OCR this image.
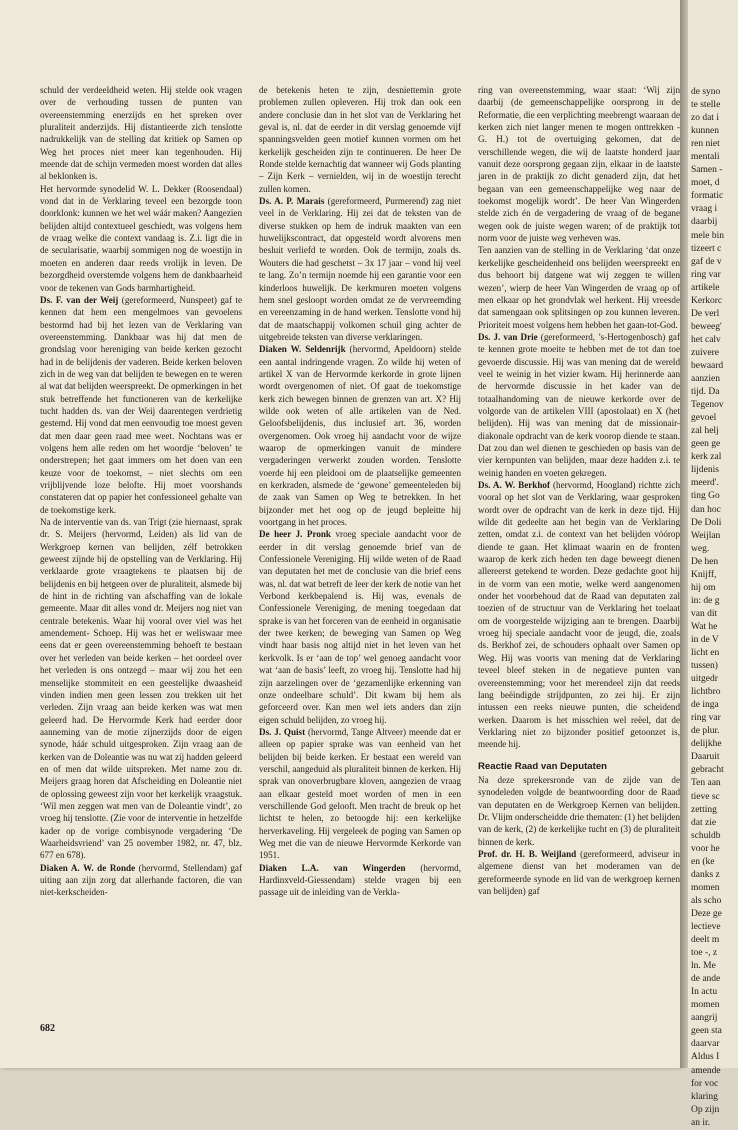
schuld der verdeeldheid weten. Hij stelde ook vragen over de verhouding tussen de punten van overeenstemming enerzijds en het spreken over pluraliteit anderzijds. Hij distantieerde zich tenslotte nadrukkelijk van de stelling dat kritiek op Samen op Weg het proces niet meer kan tegenhouden. Hij meende dat de schijn vermeden moest worden dat alles al beklonken is.

Het hervormde synodelid W. L. Dekker (Roosendaal) vond dat in de Verklaring teveel een bezorgde toon doorklonk: kunnen we het wel wáár maken? Aangezien belijden altijd contextueel geschiedt, was volgens hem de vraag welke die context vandaag is. Z.i. ligt die in de secularisatie, waarbij sommigen nog de woestijn in moeten en anderen daar reeds vrolijk in leven. De bezorgdheid overstemde volgens hem de dankbaarheid voor de tekenen van Gods barmhartigheid.

Ds. F. van der Weij (gereformeerd, Nunspeet) gaf te kennen dat hem een mengelmoes van gevoelens bestormd had bij het lezen van de Verklaring van overeenstemming. Dankbaar was hij dat men de grondslag voor hereniging van beide kerken gezocht had in de belijdenis der vaderen. Beide kerken beloven zich in de weg van dat belijden te bewegen en te weren al wat dat belijden weerspreekt. De opmerkingen in het stuk betreffende het functioneren van de kerkelijke tucht hadden ds. van der Weij daarentegen verdrietig gestemd. Hij vond dat men eenvoudig toe moest geven dat men daar geen raad mee weet. Nochtans was er volgens hem alle reden om het woordje ‘beloven’ te onderstrepen; het gaat immers om het doen van een keuze voor de toekomst, – niet slechts om een vrijblijvende loze belofte. Hij moet voorshands constateren dat op papier het confessioneel gehalte van de toekomstige kerk.

Na de interventie van ds. van Trigt (zie hiernaast, sprak dr. S. Meijers (hervormd, Leiden) als lid van de Werkgroep kernen van belijden, zélf betrokken geweest zijnde bij de opstelling van de Verklaring. Hij verklaarde grote vraagtekens te plaatsen bij de belijdenis en bij hetgeen over de pluraliteit, alsmede bij de hint in de richting van afschaffing van de lokale gemeente. Maar dit alles vond dr. Meijers nog niet van centrale betekenis. Waar hij vooral over viel was het amendement- Schoep. Hij was het er weliswaar mee eens dat er geen overeenstemming behoeft te bestaan over het verleden van beide kerken – het oordeel over het verleden is ons ontzegd – maar wij zou het een menselijke stommiteit en een geestelijke dwaasheid vinden indien men geen lessen zou trekken uit het verleden. Zijn vraag aan beide kerken was wat men geleerd had. De Hervormde Kerk had eerder door aanneming van de motie zijnerzijds door de eigen synode, háár schuld uitgesproken. Zijn vraag aan de kerken van de Doleantie was nu wat zíj hadden geleerd en of men dat wilde uitspreken. Met name zou dr. Meijers graag horen dat Afscheiding en Doleantie niet de oplossing geweest zijn voor het kerkelijk vraagstuk. ‘Wil men zeggen wat men van de Doleantie vindt’, zo vroeg hij tenslotte. (Zie voor de interventie in hetzelfde kader op de vorige combisynode vergadering ‘De Waarheidsvriend’ van 25 november 1982, nr. 47, blz. 677 en 678).

Diaken A. W. de Ronde (hervormd, Stellendam) gaf uiting aan zijn zorg dat allerhande factoren, die van niet-kerkscheiden-

de betekenis heten te zijn, desniettemin grote problemen zullen opleveren. Hij trok dan ook een andere conclusie dan in het slot van de Verklaring het geval is, nl. dat de eerder in dit verslag genoemde vijf spanningsvelden geen motief kunnen vormen om het kerkelijk gescheiden zijn te continueren. De heer De Ronde stelde kernachtig dat wanneer wij Gods planting – Zijn Kerk – vernielden, wij in de woestijn terecht zullen komen.

Ds. A. P. Marais (gereformeerd, Purmerend) zag niet veel in de Verklaring. Hij zei dat de teksten van de diverse stukken op hem de indruk maakten van een huwelijkscontract, dat opgesteld wordt alvorens men besluit verliefd te worden. Ook de termijn, zoals ds. Wouters die had geschetst – 3x 17 jaar – vond hij veel te lang. Zo’n termijn noemde hij een garantie voor een kinderloos huwelijk. De kerkmuren moeten volgens hem snel gesloopt worden omdat ze de vervreemding en vereenzaming in de hand werken. Tenslotte vond hij dat de maatschappij volkomen schuil ging achter de uitgebreide teksten van diverse verklaringen.

Diaken W. Seldenrijk (hervormd, Apeldoorn) stelde een aantal indringende vragen. Zo wilde hij weten of artikel X van de Hervormde kerkorde in grote lijnen wordt overgenomen of niet. Of gaat de toekomstige kerk zich bewegen binnen de grenzen van art. X? Hij wilde ook weten of alle artikelen van de Ned. Geloofsbelijdenis, dus inclusief art. 36, worden overgenomen. Ook vroeg hij aandacht voor de wijze waarop de opmerkingen vanuit de mindere vergaderingen verwerkt zouden worden. Tenslotte voerde hij een pleidooi om de plaatselijke gemeenten en kerkraden, alsmede de ‘gewone’ gemeenteleden bij de zaak van Samen op Weg te betrekken. In het bijzonder met het oog op de jeugd bepleitte hij voortgang in het proces.

De heer J. Pronk vroeg speciale aandacht voor de eerder in dit verslag genoemde brief van de Confessionele Vereniging. Hij wilde weten of de Raad van deputaten het met de conclusie van die brief eens was, nl. dat wat betreft de leer der kerk de notie van het Verbond kerkbepalend is. Hij was, evenals de Confessionele Vereniging, de mening toegedaan dat sprake is van het forceren van de eenheid in organisatie der twee kerken; de beweging van Samen op Weg vindt haar basis nog altijd niet in het leven van het kerkvolk. Is er ‘aan de top’ wel genoeg aandacht voor wat ‘aan de basis’ leeft, zo vroeg hij. Tenslotte had hij zijn aarzelingen over de ‘gezamenlijke erkenning van onze ondeelbare schuld’. Dit kwam bij hem als geforceerd over. Kan men wel iets anders dan zijn eigen schuld belijden, zo vroeg hij.

Ds. J. Quist (hervormd, Tange Altveer) meende dat er alleen op papier sprake was van eenheid van het belijden bij beide kerken. Er bestaat een wereld van verschil, aangeduid als pluraliteit binnen de kerken. Hij sprak van onoverbrugbare kloven, aangezien de vraag aan elkaar gesteld moet worden of men in een verschillende God gelooft. Men tracht de breuk op het lichtst te helen, zo betoogde hij: een kerkelijke herverkaveling. Hij vergeleek de poging van Samen op Weg met die van de nieuwe Hervormde Kerkorde van 1951.

Diaken L.A. van Wingerden (hervormd, Hardinxveld-Giessendam) stelde vragen bij een passage uit de inleiding van de Verkla-

ring van overeenstemming, waar staat: ‘Wij zijn daarbij (de gemeenschappelijke oorsprong in de Reformatie, die een verplichting meebrengt waaraan de kerken zich niet langer menen te mogen onttrekken - G. H.) tot de overtuiging gekomen, dat de verschillende wegen, die wij de laatste honderd jaar vanuit deze oorsprong gegaan zijn, elkaar in de laatste jaren in de praktijk zo dicht genaderd zijn, dat het begaan van een gemeenschappelijke weg naar de toekomst mogelijk wordt’. De heer Van Wingerden stelde zich én de vergadering de vraag of de begane wegen ook de juiste wegen waren; of de praktijk tot norm voor de juiste weg verheven was.

Ten aanzien van de stelling in de Verklaring ‘dat onze kerkelijke gescheidenheid ons belijden weerspreekt en dus behoort bij datgene wat wij zeggen te willen wezen’, wierp de heer Van Wingerden de vraag op of men elkaar op het grondvlak wel herkent. Hij vreesde dat samengaan ook splitsingen op zou kunnen leveren. Prioriteit moest volgens hem hebben het gaan-tot-God.

Ds. J. van Drie (gereformeerd, ’s-Hertogenbosch) gaf te kennen grote moeite te hebben met de tot dan toe gevoerde discussie. Hij was van mening dat de wereld veel te weinig in het vizier kwam. Hij herinnerde aan de hervormde discussie in het kader van de totaalhandoming van de nieuwe kerkorde over de volgorde van de artikelen VIII (apostolaat) en X (het belijden). Hij was van mening dat de missionair-diakonale opdracht van de kerk voorop diende te staan. Dat zou dan wel dienen te geschieden op basis van de vier kernpunten van belijden, maar deze hadden z.i. te weinig handen en voeten gekregen.

Ds. A. W. Berkhof (hervormd, Hoogland) richtte zich vooral op het slot van de Verklaring, waar gesproken wordt over de opdracht van de kerk in deze tijd. Hij wilde dit gedeelte aan het begin van de Verklaring zetten, omdat z.i. de context van het belijden vóórop diende te gaan. Het klimaat waarin en de fronten waarop de kerk zich heden ten dage beweegt dienen allereerst getekend te worden. Deze gedachte goot hij in de vorm van een motie, welke werd aangenomen onder het voorbehoud dat de Raad van deputaten zal toezien of de structuur van de Verklaring het toelaat om de voorgestelde wijziging aan te brengen. Daarbij vroeg hij speciale aandacht voor de jeugd, die, zoals ds. Berkhof zei, de schouders ophaalt over Samen op Weg. Hij was voorts van mening dat de Verklaring teveel bleef steken in de negatieve punten van overeenstemming; voor het merendeel zijn dat reeds lang beëindigde strijdpunten, zo zei hij. Er zijn intussen een reeks nieuwe punten, die scheidend werken. Daarom is het misschien wel reëel, dat de Verklaring niet zo bijzonder positief getoonzet is, meende hij.

Reactie Raad van Deputaten

Na deze sprekersronde van de zijde van de synodeleden volgde de beantwoording door de Raad van deputaten en de Werkgroep Kernen van belijden. Dr. Vlijm onderscheidde drie thematen: (1) het belijden van de kerk, (2) de kerkelijke tucht en (3) de pluraliteit binnen de kerk.

Prof. dr. H. B. Weijland (gereformeerd, adviseur in algemene dienst van het moderamen van de gereformeerde synode en lid van de werkgroep kernen van belijden) gaf

682
de syno
te stelle
zo dat i
kunnen
ren niet
mentali
Samen -
moet, d
formatic
vraag i
daarbij
mele bin
tizeert c
gaf de v
ring var
artikele
Kerkorc
De verl
beweeg'
het calv
zuivere
bewaard
aanzien
tijd. Da
Tegenov
gevoel
zal helj
geen ge
kerk zal
lijdenis
meerd'.
ting Go
dan hoc
De Doli
Weijlan
weg.
De hen
Knijff,
hij om
in: de g
van dit
Wat he
in de V
licht en
tussen)
uitgedr
lichtbro
de inga
ring var
de plur.
delijkhe
Daaruit
gebracht
Ten aan
tieve sc
zetting
dat zie
schuldb
voor he
en (ke
danks z
momen
als scho
Deze ge
lectieve
deelt m
toe -, z
ln. Me
de ande
In actu
momen
aangrij
geen sta
daarvar
Aldus I
amende
for voc
klaring
Op zijn
an ir.
